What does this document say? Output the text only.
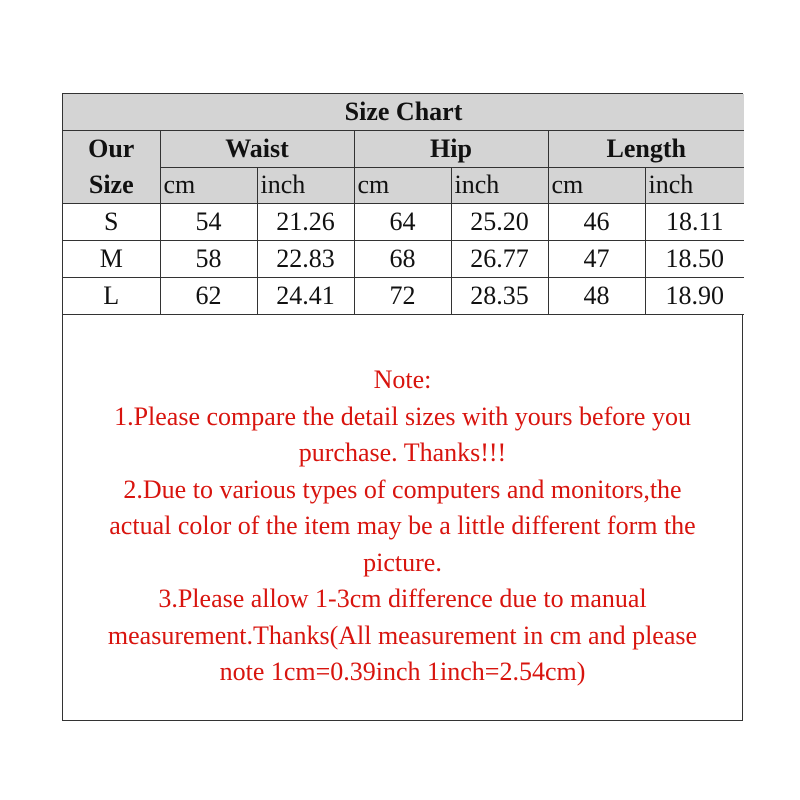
Size Chart						
Our
Size	Waist		Hip		Length	
	cm	inch	cm	inch	cm	inch
S	54	21.26	64	25.20	46	18.11
M	58	22.83	68	26.77	47	18.50
L	62	24.41	72	28.35	48	18.90
Note:
1.Please compare the detail sizes with yours before you
purchase. Thanks!!!
2.Due to various types of computers and monitors,the
actual color of the item may be a little different form the
picture.
3.Please allow 1-3cm difference due to manual
measurement.Thanks(All measurement in cm and please
note 1cm=0.39inch 1inch=2.54cm)
